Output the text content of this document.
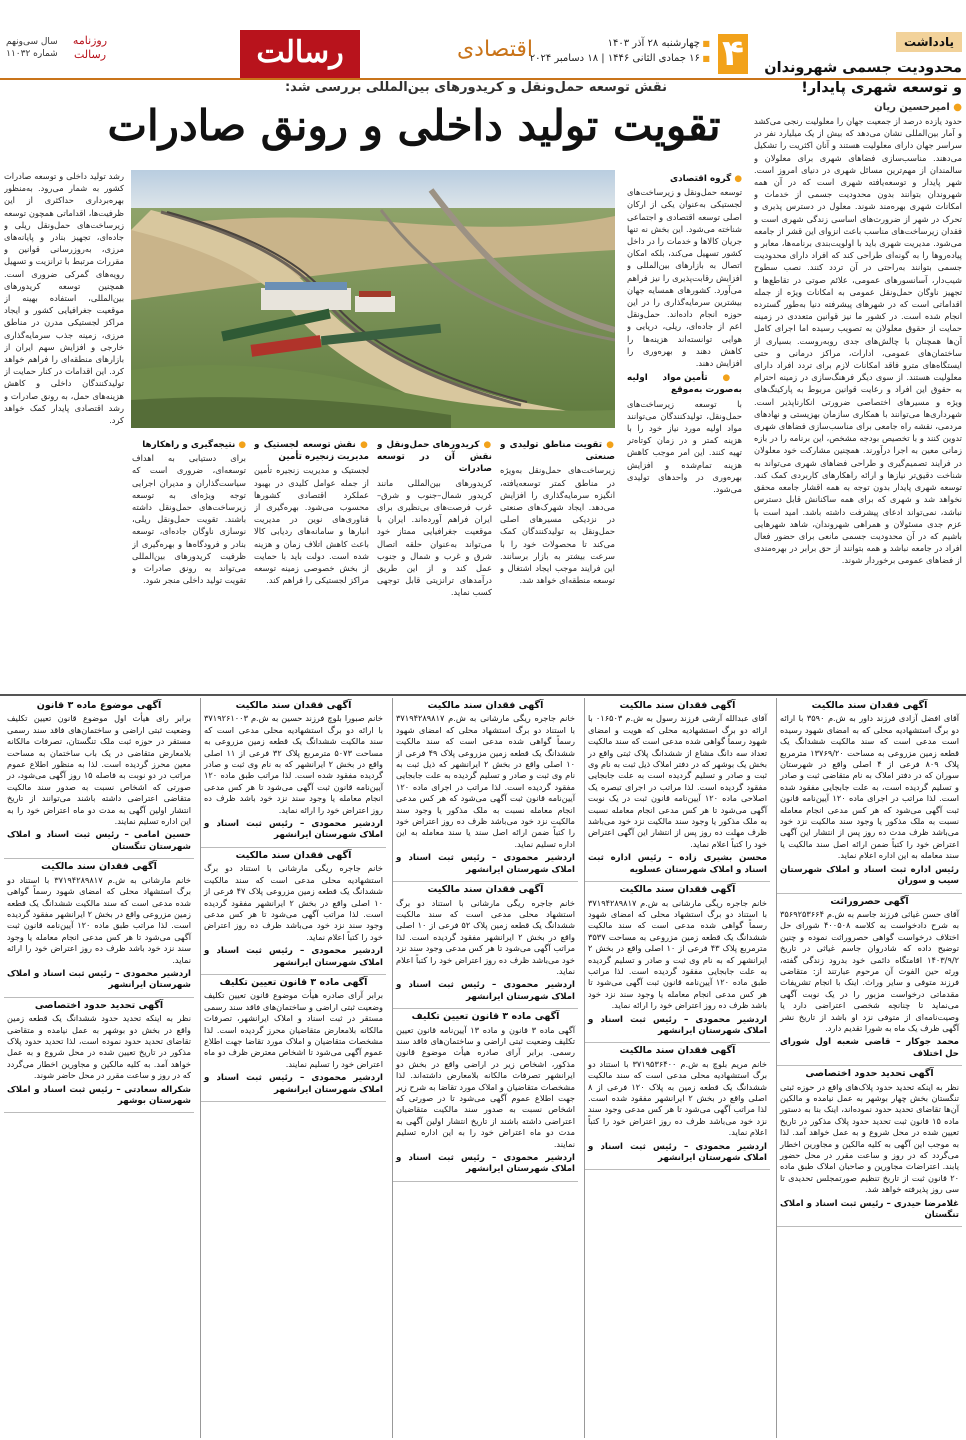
۴
■ چهارشنبه ۲۸ آذر ۱۴۰۳
■ ۱۶ جمادی الثانی ۱۴۴۶ | ۱۸ دسامبر ۲۰۲۴
اقتصادی
رسالت
روزنامه
رسالت
سال سی‌ونهم
شماره ۱۱۰۳۲
یادداشت
محدودیت جسمی شهروندان و توسعه شهری پایدار!
● امیرحسین ریان
حدود یازده درصد از جمعیت جهان را معلولیت رنجی می‌کشد و آمار بین‌المللی نشان می‌دهد که بیش از یک میلیارد نفر در سراسر جهان دارای معلولیت هستند و آنان اکثریت را تشکیل می‌دهند. مناسب‌سازی فضاهای شهری برای معلولان و سالمندان از مهم‌ترین مسائل شهری در دنیای امروز است. شهر پایدار و توسعه‌یافته شهری است که در آن همه شهروندان بتوانند بدون محدودیت جسمی از خدمات و امکانات شهری بهره‌مند شوند. معلول در دسترس پذیری و تحرک در شهر از ضرورت‌های اساسی زندگی شهری است و فقدان زیرساخت‌های مناسب باعث انزوای این قشر از جامعه می‌شود. مدیریت شهری باید با اولویت‌بندی برنامه‌ها، معابر و پیاده‌روها را به گونه‌ای طراحی کند که افراد دارای محدودیت جسمی بتوانند به‌راحتی در آن تردد کنند. نصب سطوح شیب‌دار، آسانسورهای عمومی، علائم صوتی در تقاطع‌ها و تجهیز ناوگان حمل‌ونقل عمومی به امکانات ویژه از جمله اقداماتی است که در شهرهای پیشرفته دنیا به‌طور گسترده انجام شده است. در کشور ما نیز قوانین متعددی در زمینه حمایت از حقوق معلولان به تصویب رسیده اما اجرای کامل آن‌ها همچنان با چالش‌های جدی روبه‌روست. بسیاری از ساختمان‌های عمومی، ادارات، مراکز درمانی و حتی ایستگاه‌های مترو فاقد امکانات لازم برای تردد افراد دارای معلولیت هستند. از سوی دیگر فرهنگ‌سازی در زمینه احترام به حقوق این افراد و رعایت قوانین مربوط به پارکینگ‌های ویژه و مسیرهای اختصاصی ضرورتی انکارناپذیر است. شهرداری‌ها می‌توانند با همکاری سازمان بهزیستی و نهادهای مردمی، نقشه راه جامعی برای مناسب‌سازی فضاهای شهری تدوین کنند و با تخصیص بودجه مشخص، این برنامه را در بازه زمانی معین به اجرا درآورند. همچنین مشارکت خود معلولان در فرایند تصمیم‌گیری و طراحی فضاهای شهری می‌تواند به شناخت دقیق‌تر نیازها و ارائه راهکارهای کاربردی کمک کند. توسعه شهری پایدار بدون توجه به همه اقشار جامعه محقق نخواهد شد و شهری که برای همه ساکنانش قابل دسترس نباشد، نمی‌تواند ادعای پیشرفت داشته باشد. امید است با عزم جدی مسئولان و همراهی شهروندان، شاهد شهرهایی باشیم که در آن محدودیت جسمی مانعی برای حضور فعال افراد در جامعه نباشد و همه بتوانند از حق برابر در بهره‌مندی از فضاهای عمومی برخوردار شوند.
نقش توسعه حمل‌ونقل و کریدورهای بین‌المللی بررسی شد:
تقویت تولید داخلی و رونق صادرات
● گروه اقتصادی
توسعه حمل‌ونقل و زیرساخت‌های لجستیکی به‌عنوان یکی از ارکان اصلی توسعه اقتصادی و اجتماعی شناخته می‌شود. این بخش نه تنها جریان کالاها و خدمات را در داخل کشور تسهیل می‌کند، بلکه امکان اتصال به بازارهای بین‌المللی و افزایش رقابت‌پذیری را نیز فراهم می‌آورد. کشورهای همسایه جهان بیشترین سرمایه‌گذاری را در این حوزه انجام داده‌اند. حمل‌ونقل اعم از جاده‌ای، ریلی، دریایی و هوایی توانسته‌اند هزینه‌ها را کاهش دهند و بهره‌وری را افزایش دهند.
● تأمین مواد اولیه به‌صورت به‌موقع
با توسعه زیرساخت‌های حمل‌ونقل، تولیدکنندگان می‌توانند مواد اولیه مورد نیاز خود را با هزینه کمتر و در زمان کوتاه‌تر تهیه کنند. این امر موجب کاهش هزینه تمام‌شده و افزایش بهره‌وری در واحدهای تولیدی می‌شود.
● تقویت مناطق تولیدی و صنعتی
زیرساخت‌های حمل‌ونقل به‌ویژه در مناطق کمتر توسعه‌یافته، انگیزه سرمایه‌گذاری را افزایش می‌دهد. ایجاد شهرک‌های صنعتی در نزدیکی مسیرهای اصلی حمل‌ونقل به تولیدکنندگان کمک می‌کند تا محصولات خود را با سرعت بیشتر به بازار برسانند. این فرایند موجب ایجاد اشتغال و توسعه منطقه‌ای خواهد شد.
● کریدورهای حمل‌ونقل و نقش آن در توسعه صادرات
کریدورهای بین‌المللی مانند کریدور شمال–جنوب و شرق–غرب فرصت‌های بی‌نظیری برای ایران فراهم آورده‌اند. ایران با موقعیت جغرافیایی ممتاز خود می‌تواند به‌عنوان حلقه اتصال شرق و غرب و شمال و جنوب عمل کند و از این طریق درآمدهای ترانزیتی قابل توجهی کسب نماید.
● نقش توسعه لجستیک و مدیریت زنجیره تأمین
لجستیک و مدیریت زنجیره تأمین از جمله عوامل کلیدی در بهبود عملکرد اقتصادی کشورها محسوب می‌شود. بهره‌گیری از فناوری‌های نوین در مدیریت انبارها و سامانه‌های ردیابی کالا باعث کاهش اتلاف زمان و هزینه شده است. دولت باید با حمایت از بخش خصوصی زمینه توسعه مراکز لجستیکی را فراهم کند.
● نتیجه‌گیری و راهکارها
برای دستیابی به اهداف توسعه‌ای، ضروری است که سیاست‌گذاران و مدیران اجرایی توجه ویژه‌ای به توسعه زیرساخت‌های حمل‌ونقل داشته باشند. تقویت حمل‌ونقل ریلی، نوسازی ناوگان جاده‌ای، توسعه بنادر و فرودگاه‌ها و بهره‌گیری از ظرفیت کریدورهای بین‌المللی می‌تواند به رونق صادرات و تقویت تولید داخلی منجر شود.
رشد تولید داخلی و توسعه صادرات کشور به شمار می‌رود. به‌منظور بهره‌برداری حداکثری از این ظرفیت‌ها، اقداماتی همچون توسعه زیرساخت‌های حمل‌ونقل ریلی و جاده‌ای، تجهیز بنادر و پایانه‌های مرزی، به‌روزرسانی قوانین و مقررات مرتبط با ترانزیت و تسهیل رویه‌های گمرکی ضروری است. همچنین توسعه کریدورهای بین‌المللی، استفاده بهینه از موقعیت جغرافیایی کشور و ایجاد مراکز لجستیکی مدرن در مناطق مرزی، زمینه جذب سرمایه‌گذاری خارجی و افزایش سهم ایران از بازارهای منطقه‌ای را فراهم خواهد کرد. این اقدامات در کنار حمایت از تولیدکنندگان داخلی و کاهش هزینه‌های حمل، به رونق صادرات و رشد اقتصادی پایدار کمک خواهد کرد.
آگهی فقدان سند مالکیت
آقای افضل آزادی فرزند داور به ش.م ۳۵۹۰ با ارائه دو برگ استشهادیه محلی که به امضای شهود رسیده است مدعی است که سند مالکیت ششدانگ یک قطعه زمین مزروعی به مساحت ۱۳۷۶۹/۲۰ مترمربع پلاک ۸۰۹ فرعی از ۴ اصلی واقع در شهرستان سوران که در دفتر املاک به نام متقاضی ثبت و صادر و تسلیم گردیده است، به علت جابجایی مفقود شده است. لذا مراتب در اجرای ماده ۱۲۰ آیین‌نامه قانون ثبت آگهی می‌شود که هر کس مدعی انجام معامله نسبت به ملک مذکور یا وجود سند مالکیت نزد خود می‌باشد ظرف مدت ده روز پس از انتشار این آگهی اعتراض خود را کتباً ضمن ارائه اصل سند مالکیت یا سند معامله به این اداره اعلام نماید.
رئیس اداره ثبت اسناد و املاک شهرستان سیب و سوران
آگهی حصروراثت
آقای حسن غیاثی فرزند جاسم به ش.م ۳۵۶۹۲۵۳۶۶۴ به شرح دادخواست به کلاسه ۴۰۰۵۰۸ شورای حل اختلاف درخواست گواهی حصروراثت نموده و چنین توضیح داده که شادروان جاسم غیاثی در تاریخ ۱۴۰۳/۹/۲ اقامتگاه دائمی خود بدرود زندگی گفته، ورثه حین الفوت آن مرحوم عبارتند از: متقاضی فرزند متوفی و سایر وراث. اینک با انجام تشریفات مقدماتی درخواست مزبور را در یک نوبت آگهی می‌نماید تا چنانچه شخصی اعتراضی دارد یا وصیت‌نامه‌ای از متوفی نزد او باشد از تاریخ نشر آگهی ظرف یک ماه به شورا تقدیم دارد.
محمد جوکار – قاضی شعبه اول شورای حل اختلاف
آگهی تحدید حدود اختصاصی
نظر به اینکه تحدید حدود پلاک‌های واقع در حوزه ثبتی تنگستان بخش چهار بوشهر به عمل نیامده و مالکین آن‌ها تقاضای تحدید حدود نموده‌اند، اینک بنا به دستور ماده ۱۵ قانون ثبت تحدید حدود پلاک مذکور در تاریخ تعیین شده در محل شروع و به عمل خواهد آمد. لذا به موجب این آگهی به کلیه مالکین و مجاورین اخطار می‌گردد که در روز و ساعت مقرر در محل حضور یابند. اعتراضات مجاورین و صاحبان املاک طبق ماده ۲۰ قانون ثبت از تاریخ تنظیم صورتمجلس تحدیدی تا سی روز پذیرفته خواهد شد.
غلامرضا حیدری – رئیس ثبت اسناد و املاک تنگستان
آگهی فقدان سند مالکیت
آقای عبدالله آرشی فرزند رسول به ش.م ۰۱۶۵۰۳ با ارائه دو برگ استشهادیه محلی که هویت و امضای شهود رسماً گواهی شده مدعی است که سند مالکیت تعداد سه دانگ مشاع از ششدانگ پلاک ثبتی واقع در بخش یک بوشهر که در دفتر املاک ذیل ثبت به نام وی ثبت و صادر و تسلیم گردیده است به علت جابجایی مفقود گردیده است. لذا مراتب در اجرای تبصره یک اصلاحی ماده ۱۲۰ آیین‌نامه قانون ثبت در یک نوبت آگهی می‌شود تا هر کس مدعی انجام معامله نسبت به ملک مذکور یا وجود سند مالکیت نزد خود می‌باشد ظرف مهلت ده روز پس از انتشار این آگهی اعتراض خود را کتباً اعلام نماید.
محسن بشیری زاده – رئیس اداره ثبت اسناد و املاک شهرستان عسلویه
آگهی فقدان سند مالکیت
خانم جاجره ریگی مارشانی به ش.م ۳۷۱۹۴۲۸۹۸۱۷ با استناد دو برگ استشهاد محلی که امضای شهود رسماً گواهی شده مدعی است که سند مالکیت ششدانگ یک قطعه زمین مزروعی به مساحت ۳۵۳۷ مترمربع پلاک ۴۳ فرعی از ۱۰ اصلی واقع در بخش ۲ ایرانشهر که به نام وی ثبت و صادر و تسلیم گردیده به علت جابجایی مفقود گردیده است. لذا مراتب طبق ماده ۱۲۰ آیین‌نامه قانون ثبت آگهی می‌شود تا هر کس مدعی انجام معامله یا وجود سند نزد خود باشد ظرف ده روز اعتراض خود را ارائه نماید.
اردشیر محمودی – رئیس ثبت اسناد و املاک شهرستان ایرانشهر
آگهی فقدان سند مالکیت
خانم مریم بلوچ به ش.م ۳۷۱۹۵۳۶۴۰۰ با استناد دو برگ استشهادیه محلی مدعی است که سند مالکیت ششدانگ یک قطعه زمین به پلاک ۱۲۰ فرعی از ۸ اصلی واقع در بخش ۲ ایرانشهر مفقود شده است. لذا مراتب آگهی می‌شود تا هر کس مدعی وجود سند نزد خود می‌باشد ظرف ده روز اعتراض خود را کتباً اعلام نماید.
اردشیر محمودی – رئیس ثبت اسناد و املاک شهرستان ایرانشهر
آگهی فقدان سند مالکیت
خانم جاجره ریگی مارشانی به ش.م ۳۷۱۹۴۲۸۹۸۱۷ با استناد دو برگ استشهاد محلی که امضای شهود رسماً گواهی شده مدعی است که سند مالکیت ششدانگ یک قطعه زمین مزروعی پلاک ۴۹ فرعی از ۱۰ اصلی واقع در بخش ۲ ایرانشهر که ذیل ثبت به نام وی ثبت و صادر و تسلیم گردیده به علت جابجایی مفقود گردیده است. لذا مراتب در اجرای ماده ۱۲۰ آیین‌نامه قانون ثبت آگهی می‌شود که هر کس مدعی انجام معامله نسبت به ملک مذکور یا وجود سند مالکیت نزد خود می‌باشد ظرف ده روز اعتراض خود را کتباً ضمن ارائه اصل سند یا سند معامله به این اداره تسلیم نماید.
اردشیر محمودی – رئیس ثبت اسناد و املاک شهرستان ایرانشهر
آگهی فقدان سند مالکیت
خانم جاجره ریگی مارشانی با استناد دو برگ استشهاد محلی مدعی است که سند مالکیت ششدانگ یک قطعه زمین پلاک ۵۲ فرعی از ۱۰ اصلی واقع در بخش ۲ ایرانشهر مفقود گردیده است. لذا مراتب آگهی می‌شود تا هر کس مدعی وجود سند نزد خود می‌باشد ظرف ده روز اعتراض خود را کتباً اعلام نماید.
اردشیر محمودی – رئیس ثبت اسناد و املاک شهرستان ایرانشهر
آگهی ماده ۳ قانون تعیین تکلیف
آگهی ماده ۳ قانون و ماده ۱۳ آیین‌نامه قانون تعیین تکلیف وضعیت ثبتی اراضی و ساختمان‌های فاقد سند رسمی. برابر آرای صادره هیأت موضوع قانون مذکور، اشخاص زیر در اراضی واقع در بخش دو ایرانشهر تصرفات مالکانه بلامعارض داشته‌اند. لذا مشخصات متقاضیان و املاک مورد تقاضا به شرح زیر جهت اطلاع عموم آگهی می‌شود تا در صورتی که اشخاص نسبت به صدور سند مالکیت متقاضیان اعتراضی داشته باشند از تاریخ انتشار اولین آگهی به مدت دو ماه اعتراض خود را به این اداره تسلیم نمایند.
اردشیر محمودی – رئیس ثبت اسناد و املاک شهرستان ایرانشهر
آگهی فقدان سند مالکیت
خانم صبورا بلوچ فرزند حسین به ش.م ۳۷۱۹۲۶۱۰۰۳ با ارائه دو برگ استشهادیه محلی مدعی است که سند مالکیت ششدانگ یک قطعه زمین مزروعی به مساحت ۵۰۷۳ مترمربع پلاک ۳۲ فرعی از ۱۱ اصلی واقع در بخش ۲ ایرانشهر که به نام وی ثبت و صادر گردیده مفقود شده است. لذا مراتب طبق ماده ۱۲۰ آیین‌نامه قانون ثبت آگهی می‌شود تا هر کس مدعی انجام معامله یا وجود سند نزد خود باشد ظرف ده روز اعتراض خود را ارائه نماید.
اردشیر محمودی – رئیس ثبت اسناد و املاک شهرستان ایرانشهر
آگهی فقدان سند مالکیت
خانم جاجره ریگی مارشانی با استناد دو برگ استشهادیه محلی مدعی است که سند مالکیت ششدانگ یک قطعه زمین مزروعی پلاک ۴۷ فرعی از ۱۰ اصلی واقع در بخش ۲ ایرانشهر مفقود گردیده است. لذا مراتب آگهی می‌شود تا هر کس مدعی وجود سند نزد خود می‌باشد ظرف ده روز اعتراض خود را کتباً اعلام نماید.
اردشیر محمودی – رئیس ثبت اسناد و املاک شهرستان ایرانشهر
آگهی ماده ۳ قانون تعیین تکلیف
برابر آرای صادره هیأت موضوع قانون تعیین تکلیف وضعیت ثبتی اراضی و ساختمان‌های فاقد سند رسمی مستقر در ثبت اسناد و املاک ایرانشهر، تصرفات مالکانه بلامعارض متقاضیان محرز گردیده است. لذا مشخصات متقاضیان و املاک مورد تقاضا جهت اطلاع عموم آگهی می‌شود تا اشخاص معترض ظرف دو ماه اعتراض خود را تسلیم نمایند.
اردشیر محمودی – رئیس ثبت اسناد و املاک شهرستان ایرانشهر
آگهی موضوع ماده ۳ قانون
برابر رای هیأت اول موضوع قانون تعیین تکلیف وضعیت ثبتی اراضی و ساختمان‌های فاقد سند رسمی مستقر در حوزه ثبت ملک تنگستان، تصرفات مالکانه بلامعارض متقاضی در یک باب ساختمان به مساحت معین محرز گردیده است. لذا به منظور اطلاع عموم مراتب در دو نوبت به فاصله ۱۵ روز آگهی می‌شود، در صورتی که اشخاص نسبت به صدور سند مالکیت متقاضی اعتراضی داشته باشند می‌توانند از تاریخ انتشار اولین آگهی به مدت دو ماه اعتراض خود را به این اداره تسلیم نمایند.
حسین امامی – رئیس ثبت اسناد و املاک شهرستان تنگستان
آگهی فقدان سند مالکیت
خانم مارشانی به ش.م ۳۷۱۹۴۲۸۹۸۱۷ با استناد دو برگ استشهاد محلی که امضای شهود رسماً گواهی شده مدعی است که سند مالکیت ششدانگ یک قطعه زمین مزروعی واقع در بخش ۲ ایرانشهر مفقود گردیده است. لذا مراتب طبق ماده ۱۲۰ آیین‌نامه قانون ثبت آگهی می‌شود تا هر کس مدعی انجام معامله یا وجود سند نزد خود باشد ظرف ده روز اعتراض خود را ارائه نماید.
اردشیر محمودی – رئیس ثبت اسناد و املاک شهرستان ایرانشهر
آگهی تحدید حدود اختصاصی
نظر به اینکه تحدید حدود ششدانگ یک قطعه زمین واقع در بخش دو بوشهر به عمل نیامده و متقاضی تقاضای تحدید حدود نموده است، لذا تحدید حدود پلاک مذکور در تاریخ تعیین شده در محل شروع و به عمل خواهد آمد. به کلیه مالکین و مجاورین اخطار می‌گردد که در روز و ساعت مقرر در محل حاضر شوند.
شکراله سعادتی – رئیس ثبت اسناد و املاک شهرستان بوشهر
